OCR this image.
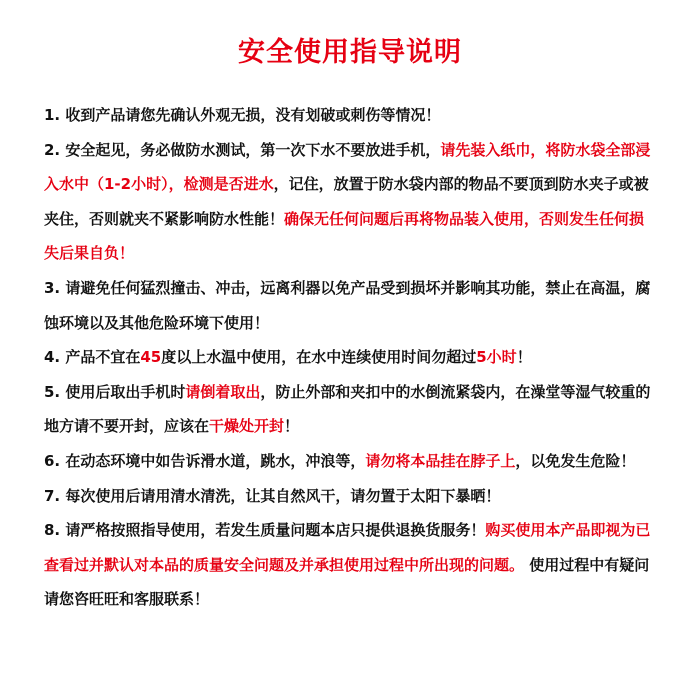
安全使用指导说明
1. 收到产品请您先确认外观无损，没有划破或刺伤等情况！
2. 安全起见，务必做防水测试，第一次下水不要放进手机，请先装入纸巾，将防水袋全部浸入水中（1-2小时），检测是否进水，记住，放置于防水袋内部的物品不要顶到防水夹子或被夹住，否则就夹不紧影响防水性能！确保无任何问题后再将物品装入使用，否则发生任何损失后果自负！
3. 请避免任何猛烈撞击、冲击，远离利器以免产品受到损坏并影响其功能，禁止在高温，腐蚀环境以及其他危险环境下使用！
4. 产品不宜在45度以上水温中使用，在水中连续使用时间勿超过5小时！
5. 使用后取出手机时请倒着取出，防止外部和夹扣中的水倒流紧袋内，在澡堂等湿气较重的地方请不要开封，应该在干燥处开封！
6. 在动态环境中如告诉滑水道，跳水，冲浪等，请勿将本品挂在脖子上，以免发生危险！
7. 每次使用后请用清水清洗，让其自然风干，请勿置于太阳下暴晒！
8. 请严格按照指导使用，若发生质量问题本店只提供退换货服务！购买使用本产品即视为已查看过并默认对本品的质量安全问题及并承担使用过程中所出现的问题。 使用过程中有疑问请您咨旺旺和客服联系！
